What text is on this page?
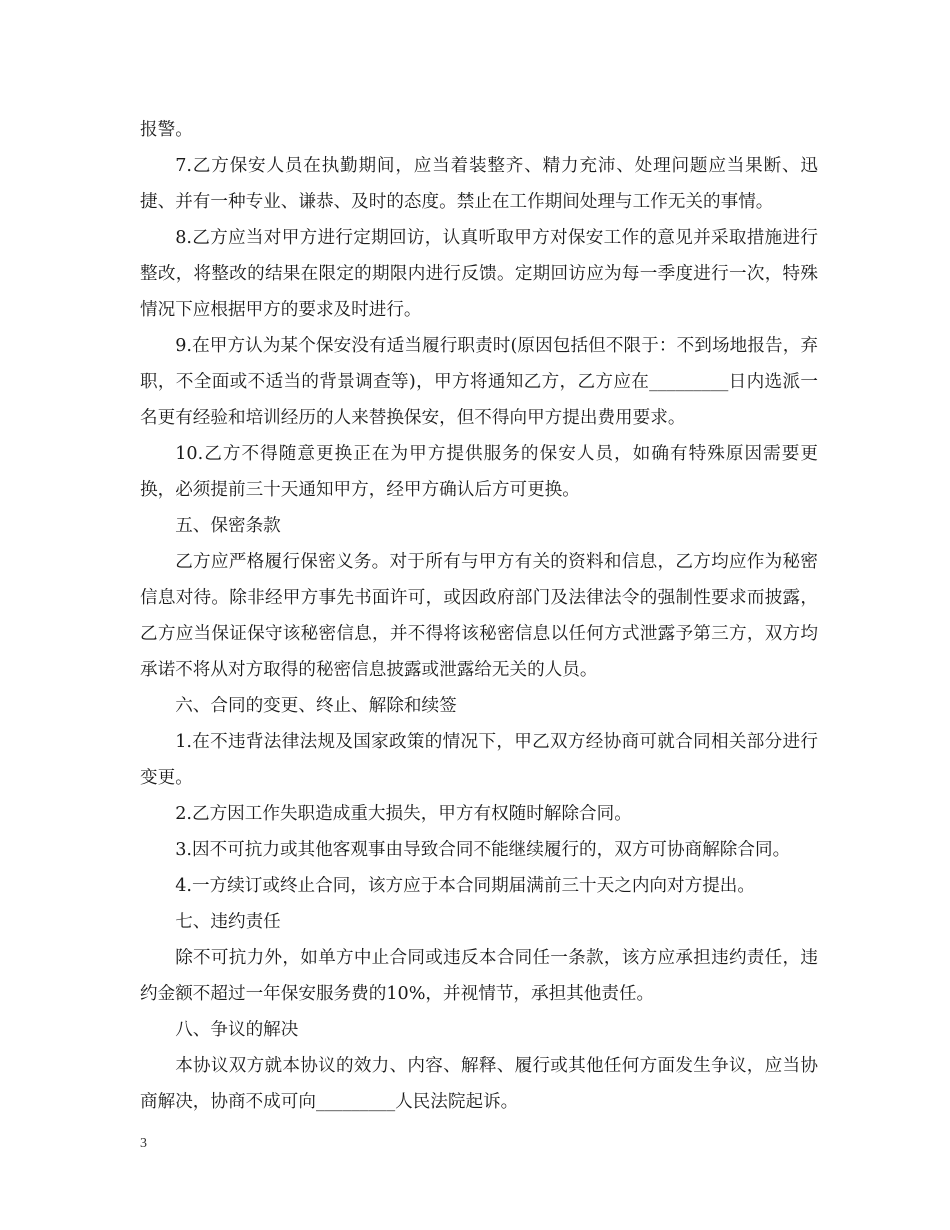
报警。

7.乙方保安人员在执勤期间，应当着装整齐、精力充沛、处理问题应当果断、迅捷、并有一种专业、谦恭、及时的态度。禁止在工作期间处理与工作无关的事情。

8.乙方应当对甲方进行定期回访，认真听取甲方对保安工作的意见并采取措施进行整改，将整改的结果在限定的期限内进行反馈。定期回访应为每一季度进行一次，特殊情况下应根据甲方的要求及时进行。

9.在甲方认为某个保安没有适当履行职责时(原因包括但不限于：不到场地报告，弃职，不全面或不适当的背景调查等)，甲方将通知乙方，乙方应在_________日内选派一名更有经验和培训经历的人来替换保安，但不得向甲方提出费用要求。

10.乙方不得随意更换正在为甲方提供服务的保安人员，如确有特殊原因需要更换，必须提前三十天通知甲方，经甲方确认后方可更换。

五、保密条款

乙方应严格履行保密义务。对于所有与甲方有关的资料和信息，乙方均应作为秘密信息对待。除非经甲方事先书面许可，或因政府部门及法律法令的强制性要求而披露，乙方应当保证保守该秘密信息，并不得将该秘密信息以任何方式泄露予第三方，双方均承诺不将从对方取得的秘密信息披露或泄露给无关的人员。

六、合同的变更、终止、解除和续签

1.在不违背法律法规及国家政策的情况下，甲乙双方经协商可就合同相关部分进行变更。

2.乙方因工作失职造成重大损失，甲方有权随时解除合同。

3.因不可抗力或其他客观事由导致合同不能继续履行的，双方可协商解除合同。

4.一方续订或终止合同，该方应于本合同期届满前三十天之内向对方提出。

七、违约责任

除不可抗力外，如单方中止合同或违反本合同任一条款，该方应承担违约责任，违约金额不超过一年保安服务费的10%，并视情节，承担其他责任。

八、争议的解决

本协议双方就本协议的效力、内容、解释、履行或其他任何方面发生争议，应当协商解决，协商不成可向_________人民法院起诉。

3
